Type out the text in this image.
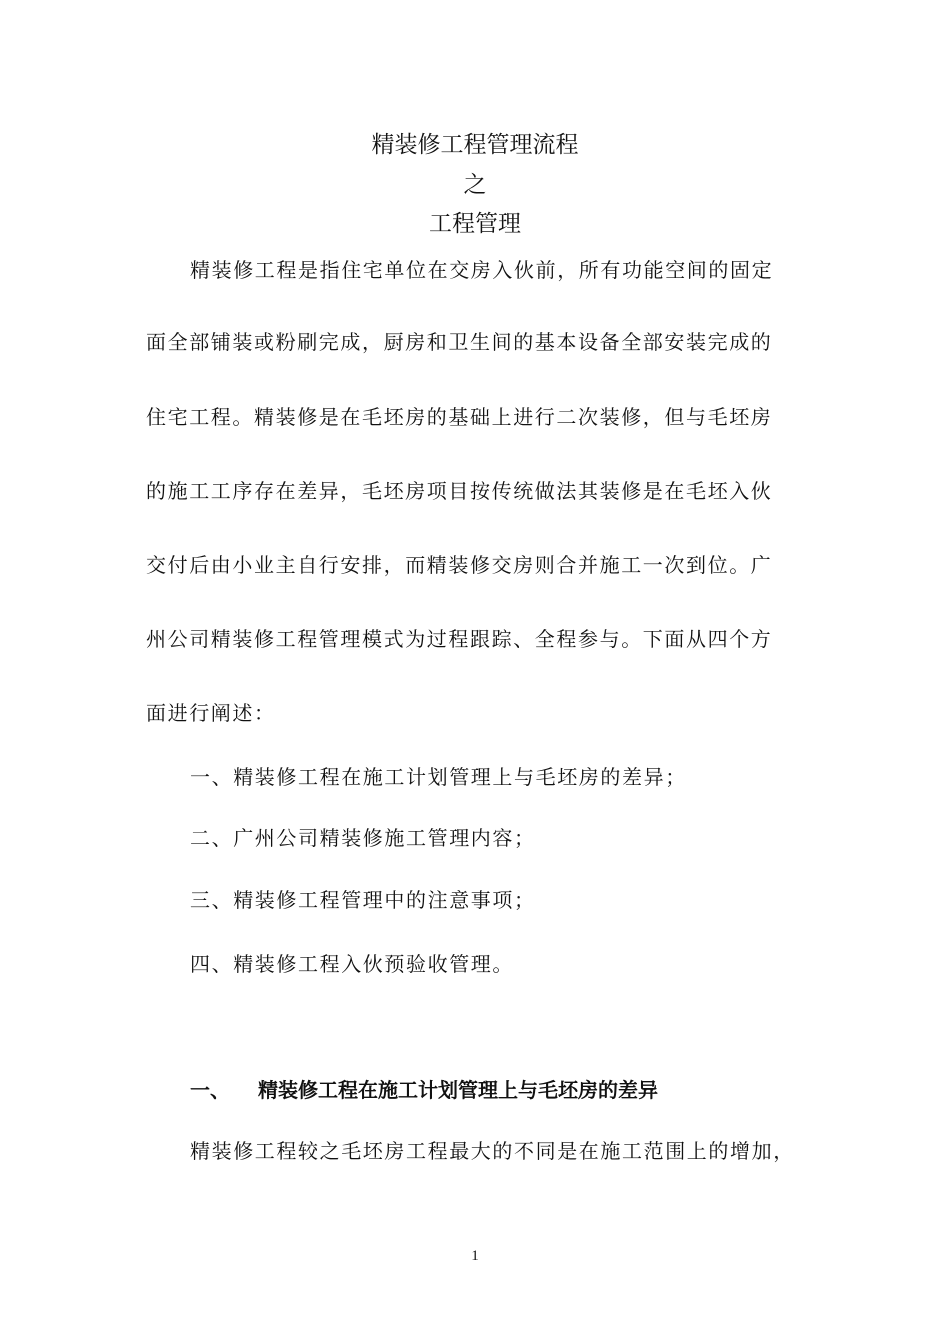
精装修工程管理流程
之
工程管理
精装修工程是指住宅单位在交房入伙前，所有功能空间的固定
面全部铺装或粉刷完成，厨房和卫生间的基本设备全部安装完成的
住宅工程。精装修是在毛坯房的基础上进行二次装修，但与毛坯房
的施工工序存在差异，毛坯房项目按传统做法其装修是在毛坯入伙
交付后由小业主自行安排，而精装修交房则合并施工一次到位。广
州公司精装修工程管理模式为过程跟踪、全程参与。下面从四个方
面进行阐述：
一、精装修工程在施工计划管理上与毛坯房的差异；
二、广州公司精装修施工管理内容；
三、精装修工程管理中的注意事项；
四、精装修工程入伙预验收管理。
一、 精装修工程在施工计划管理上与毛坯房的差异
精装修工程较之毛坯房工程最大的不同是在施工范围上的增加，
1
